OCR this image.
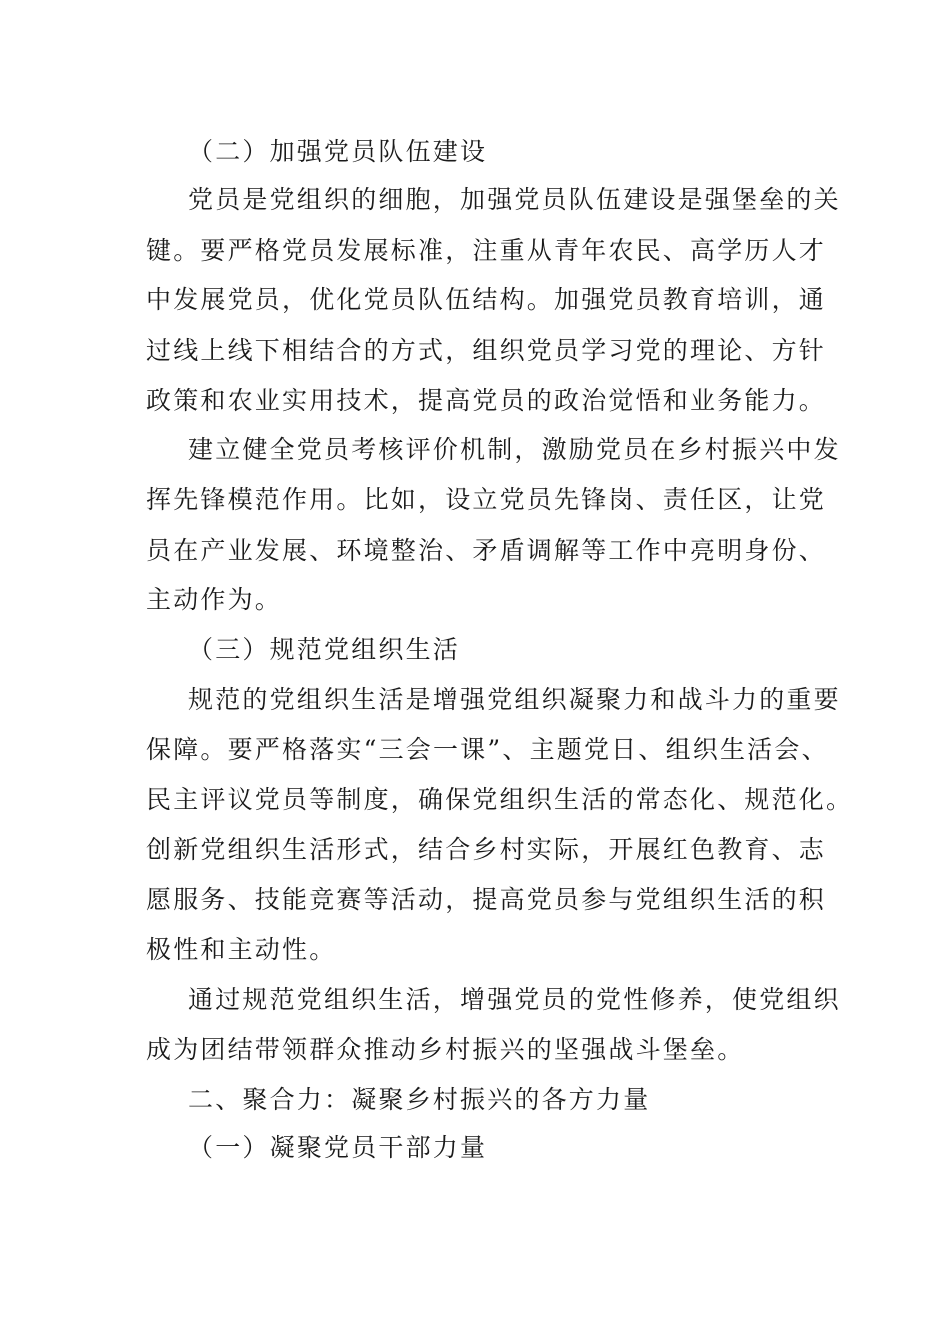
（二）加强党员队伍建设
党员是党组织的细胞，加强党员队伍建设是强堡垒的关
键。要严格党员发展标准，注重从青年农民、高学历人才
中发展党员，优化党员队伍结构。加强党员教育培训，通
过线上线下相结合的方式，组织党员学习党的理论、方针
政策和农业实用技术，提高党员的政治觉悟和业务能力。
建立健全党员考核评价机制，激励党员在乡村振兴中发
挥先锋模范作用。比如，设立党员先锋岗、责任区，让党
员在产业发展、环境整治、矛盾调解等工作中亮明身份、
主动作为。
（三）规范党组织生活
规范的党组织生活是增强党组织凝聚力和战斗力的重要
保障。要严格落实“三会一课”、主题党日、组织生活会、
民主评议党员等制度，确保党组织生活的常态化、规范化。
创新党组织生活形式，结合乡村实际，开展红色教育、志
愿服务、技能竞赛等活动，提高党员参与党组织生活的积
极性和主动性。
通过规范党组织生活，增强党员的党性修养，使党组织
成为团结带领群众推动乡村振兴的坚强战斗堡垒。
二、聚合力：凝聚乡村振兴的各方力量
（一）凝聚党员干部力量
